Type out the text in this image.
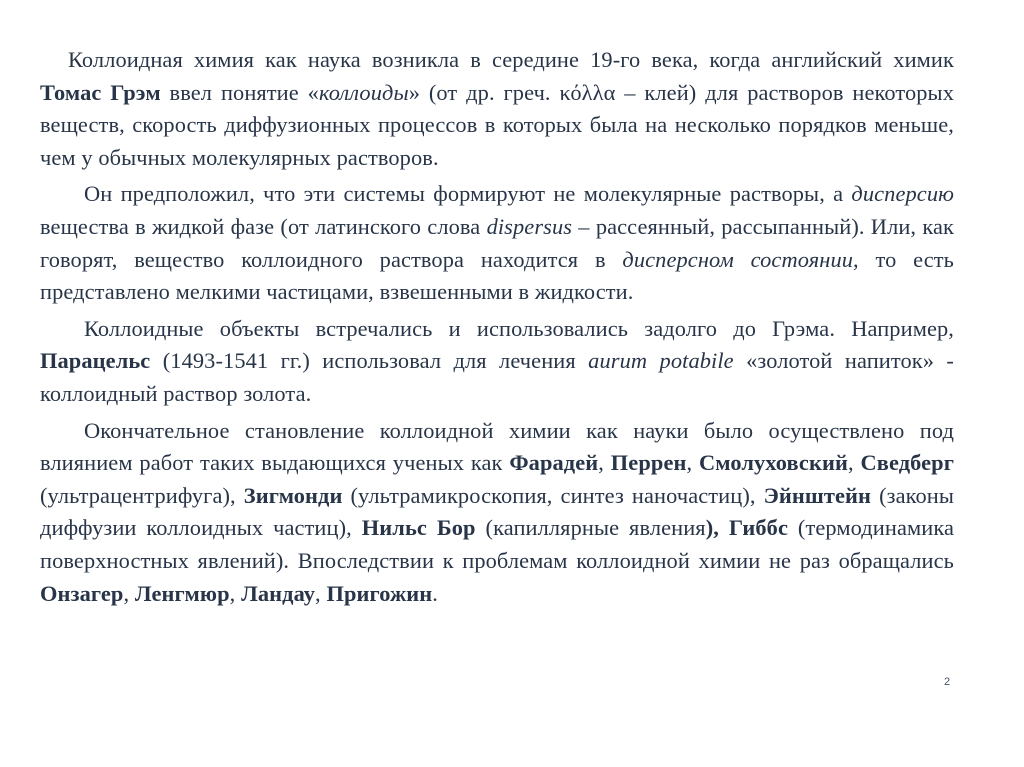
Коллоидная химия как наука возникла в середине 19-го века, когда английский химик Томас Грэм ввел понятие «коллоиды» (от др. греч. κόλλα – клей) для растворов некоторых веществ, скорость диффузионных процессов в которых была на несколько порядков меньше, чем у обычных молекулярных растворов.

Он предположил, что эти системы формируют не молекулярные растворы, а дисперсию вещества в жидкой фазе (от латинского слова dispersus – рассеянный, рассыпанный). Или, как говорят, вещество коллоидного раствора находится в дисперсном состоянии, то есть представлено мелкими частицами, взвешенными в жидкости.

Коллоидные объекты встречались и использовались задолго до Грэма. Например, Парацельс (1493-1541 гг.) использовал для лечения aurum potabile «золотой напиток» - коллоидный раствор золота.

Окончательное становление коллоидной химии как науки было осуществлено под влиянием работ таких выдающихся ученых как Фарадей, Перрен, Смолуховский, Сведберг (ультрацентрифуга), Зигмонди (ультрамикроскопия, синтез наночастиц), Эйнштейн (законы диффузии коллоидных частиц), Нильс Бор (капиллярные явления), Гиббс (термодинамика поверхностных явлений). Впоследствии к проблемам коллоидной химии не раз обращались Онзагер, Ленгмюр, Ландау, Пригожин.

2
